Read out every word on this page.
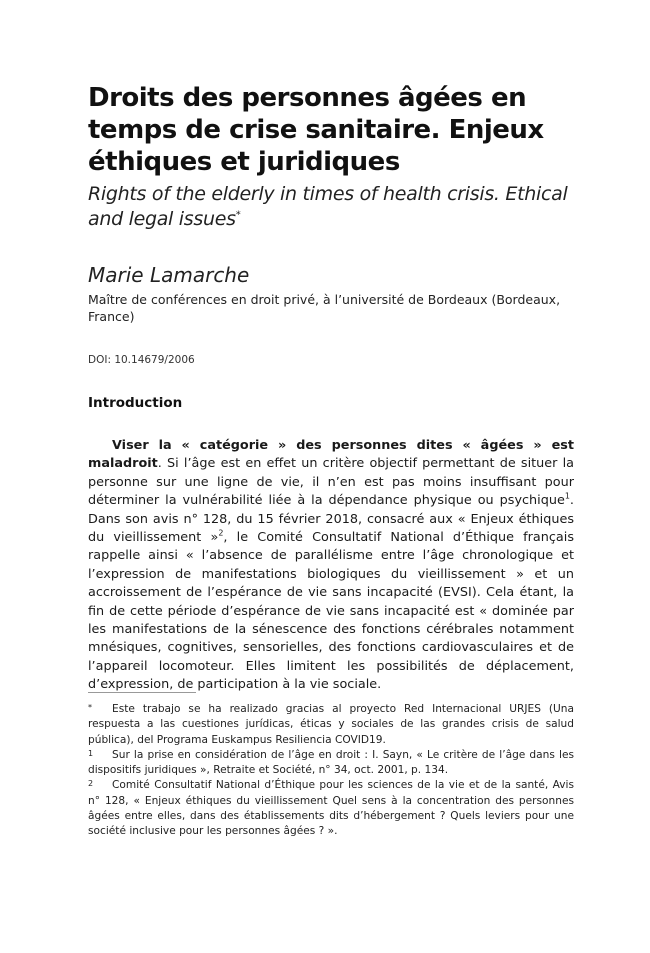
Droits des personnes âgées en temps de crise sanitaire. Enjeux éthiques et juridiques

Rights of the elderly in times of health crisis. Ethical and legal issues*

Marie Lamarche
Maître de conférences en droit privé, à l’université de Bordeaux (Bordeaux, France)
DOI: 10.14679/2006
Introduction

Viser la « catégorie » des personnes dites « âgées » est maladroit. Si l’âge est en effet un critère objectif permettant de situer la personne sur une ligne de vie, il n’en est pas moins insuffisant pour déterminer la vulnérabilité liée à la dépendance physique ou psychique$^1$. Dans son avis n° 128, du 15 février 2018, consacré aux « Enjeux éthiques du vieillissement »$^2$, le Comité Consultatif National d’Éthique français rappelle ainsi « l’absence de parallélisme entre l’âge chronologique et l’expression de manifestations biologiques du vieillissement » et un accroissement de l’espérance de vie sans incapacité (EVSI). Cela étant, la fin de cette période d’espérance de vie sans incapacité est « dominée par les manifestations de la sénescence des fonctions cérébrales notamment mnésiques, cognitives, sensorielles, des fonctions cardiovasculaires et de l’appareil locomoteur. Elles limitent les possibilités de déplacement, d’expression, de participation à la vie sociale.

* Este trabajo se ha realizado gracias al proyecto Red Internacional URJES (Una respuesta a las cuestiones jurídicas, éticas y sociales de las grandes crisis de salud pública), del Programa Euskampus Resiliencia COVID19.

1 Sur la prise en considération de l’âge en droit : I. Sayn, « Le critère de l’âge dans les dispositifs juridiques », Retraite et Société, n° 34, oct. 2001, p. 134.

2 Comité Consultatif National d’Éthique pour les sciences de la vie et de la santé, Avis n° 128, « Enjeux éthiques du vieillissement Quel sens à la concentration des personnes âgées entre elles, dans des établissements dits d’hébergement ? Quels leviers pour une société inclusive pour les personnes âgées ? ».
